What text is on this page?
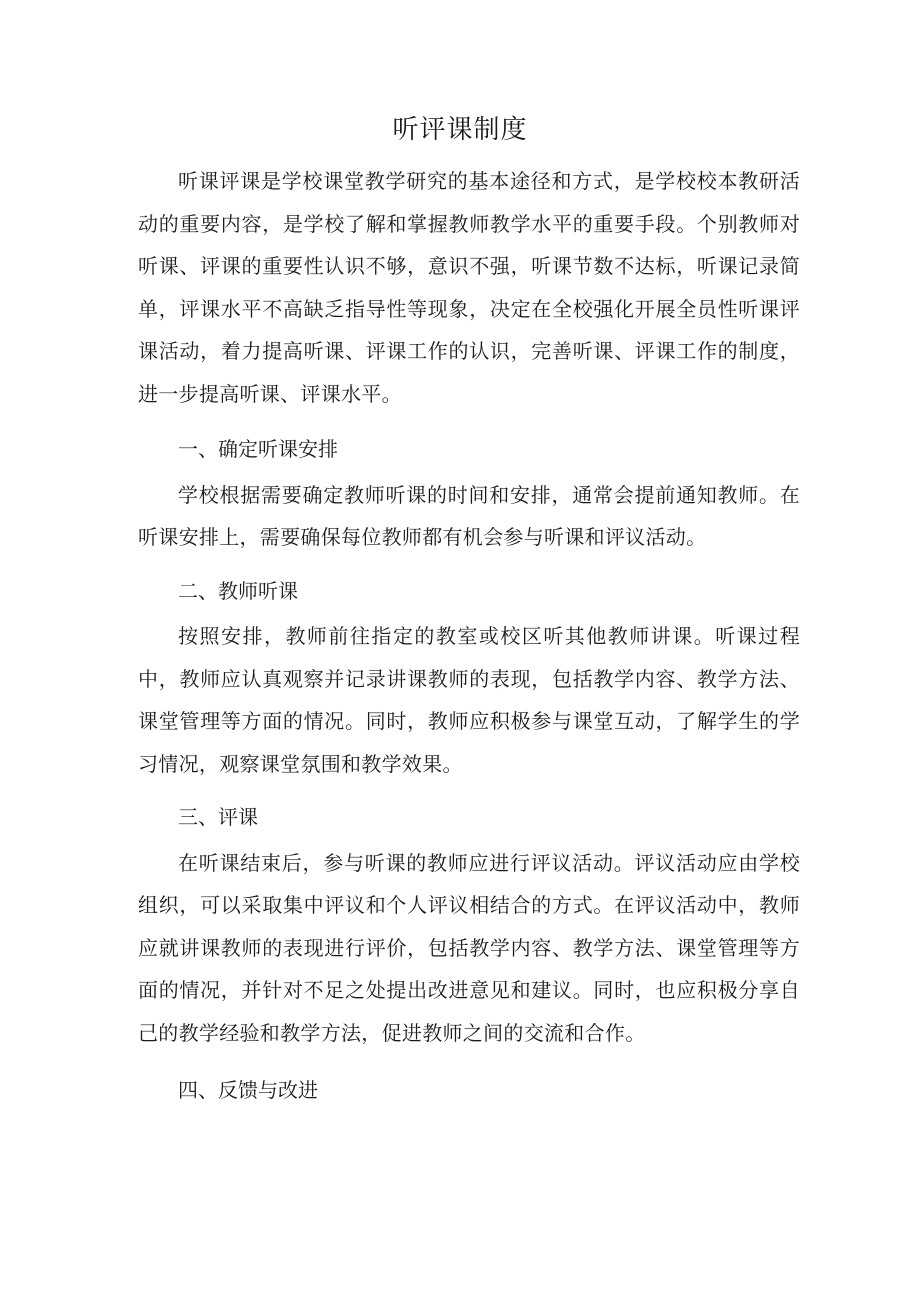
听评课制度

听课评课是学校课堂教学研究的基本途径和方式，是学校校本教研活动的重要内容，是学校了解和掌握教师教学水平的重要手段。个别教师对听课、评课的重要性认识不够，意识不强，听课节数不达标，听课记录简单，评课水平不高缺乏指导性等现象，决定在全校强化开展全员性听课评课活动，着力提高听课、评课工作的认识，完善听课、评课工作的制度，进一步提高听课、评课水平。

一、确定听课安排

学校根据需要确定教师听课的时间和安排，通常会提前通知教师。在听课安排上，需要确保每位教师都有机会参与听课和评议活动。

二、教师听课

按照安排，教师前往指定的教室或校区听其他教师讲课。听课过程中，教师应认真观察并记录讲课教师的表现，包括教学内容、教学方法、课堂管理等方面的情况。同时，教师应积极参与课堂互动，了解学生的学习情况，观察课堂氛围和教学效果。

三、评课

在听课结束后，参与听课的教师应进行评议活动。评议活动应由学校组织，可以采取集中评议和个人评议相结合的方式。在评议活动中，教师应就讲课教师的表现进行评价，包括教学内容、教学方法、课堂管理等方面的情况，并针对不足之处提出改进意见和建议。同时，也应积极分享自己的教学经验和教学方法，促进教师之间的交流和合作。

四、反馈与改进
